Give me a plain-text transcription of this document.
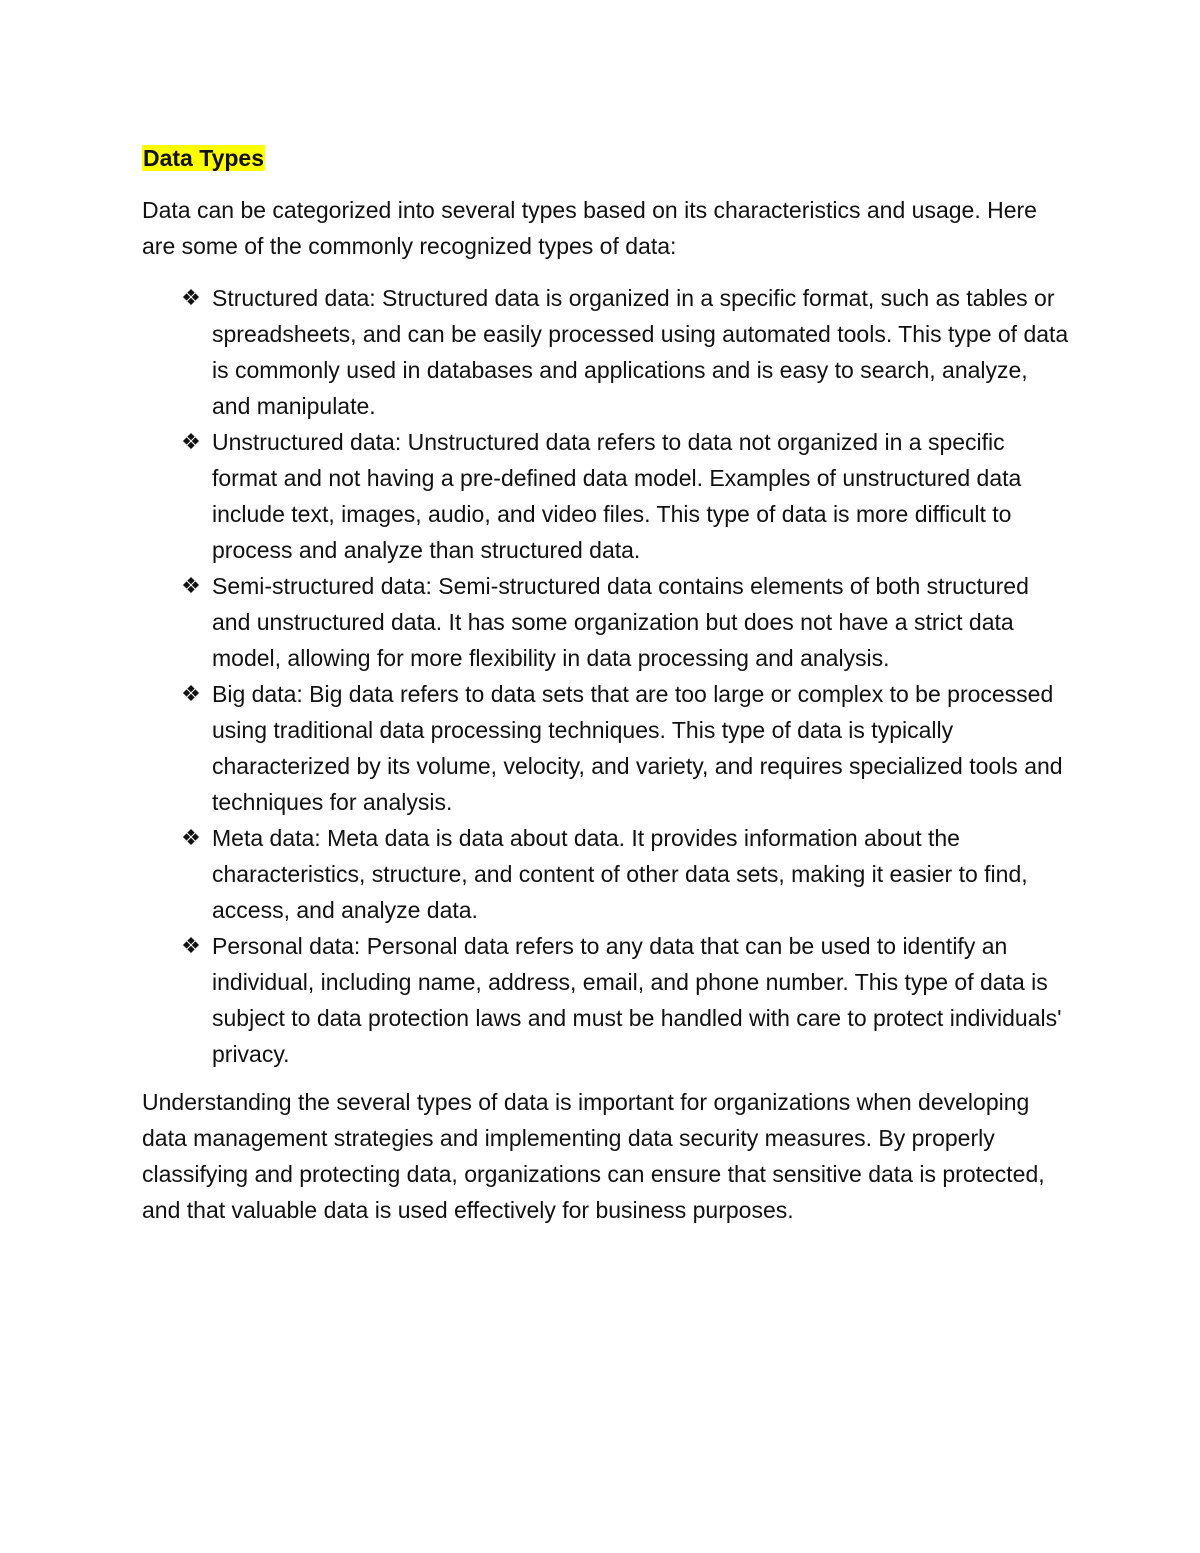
Data Types

Data can be categorized into several types based on its characteristics and usage. Here are some of the commonly recognized types of data:

❖ Structured data: Structured data is organized in a specific format, such as tables or spreadsheets, and can be easily processed using automated tools. This type of data is commonly used in databases and applications and is easy to search, analyze, and manipulate.
❖ Unstructured data: Unstructured data refers to data not organized in a specific format and not having a pre-defined data model. Examples of unstructured data include text, images, audio, and video files. This type of data is more difficult to process and analyze than structured data.
❖ Semi-structured data: Semi-structured data contains elements of both structured and unstructured data. It has some organization but does not have a strict data model, allowing for more flexibility in data processing and analysis.
❖ Big data: Big data refers to data sets that are too large or complex to be processed using traditional data processing techniques. This type of data is typically characterized by its volume, velocity, and variety, and requires specialized tools and techniques for analysis.
❖ Meta data: Meta data is data about data. It provides information about the characteristics, structure, and content of other data sets, making it easier to find, access, and analyze data.
❖ Personal data: Personal data refers to any data that can be used to identify an individual, including name, address, email, and phone number. This type of data is subject to data protection laws and must be handled with care to protect individuals' privacy.

Understanding the several types of data is important for organizations when developing data management strategies and implementing data security measures. By properly classifying and protecting data, organizations can ensure that sensitive data is protected, and that valuable data is used effectively for business purposes.
